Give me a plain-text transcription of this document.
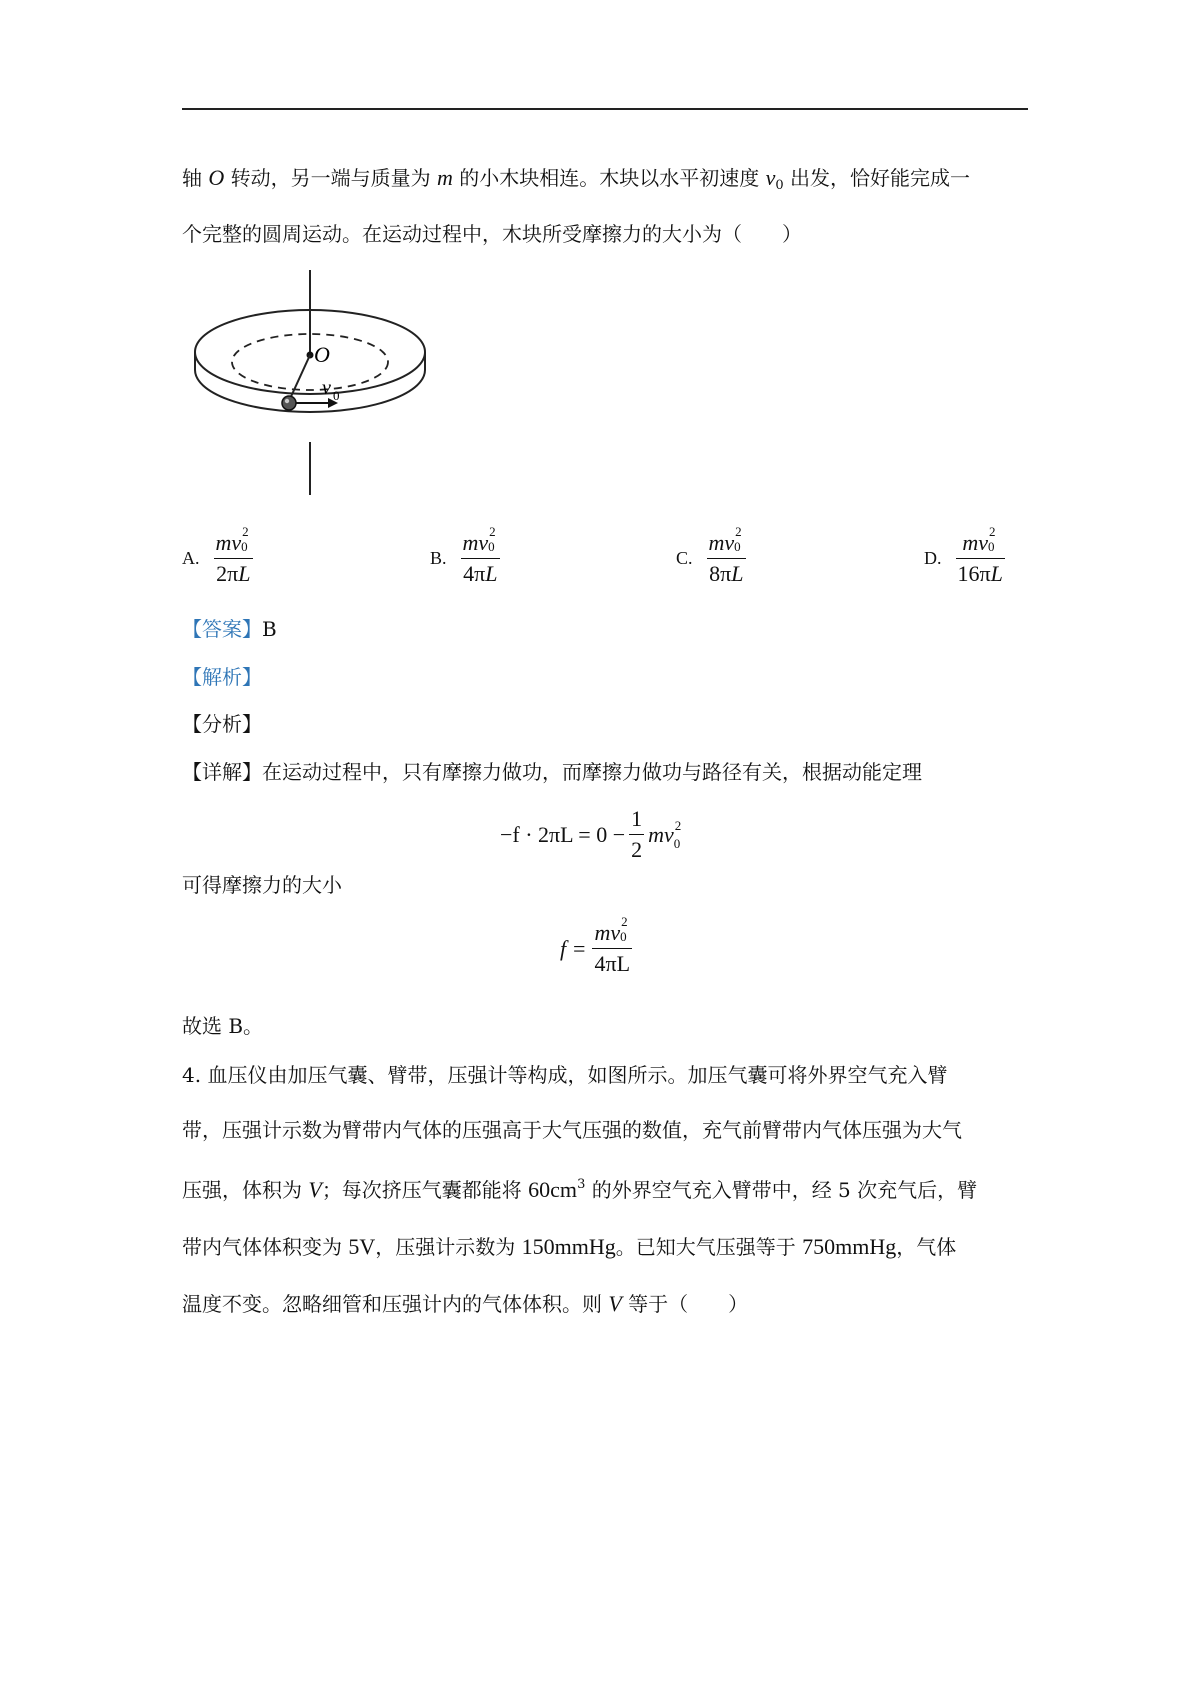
轴 O 转动，另一端与质量为 m 的小木块相连。木块以水平初速度 $v_0$ 出发，恰好能完成一
个完整的圆周运动。在运动过程中，木块所受摩擦力的大小为（　　）
O
v 0
A. mv 2
0
2πL	B. mv 2
0
4πL	C. mv 2
0
8πL	D. mv 2
0
16πL
【答案】B
【解析】
【分析】
【详解】在运动过程中，只有摩擦力做功，而摩擦力做功与路径有关，根据动能定理
$-f \cdot 2\pi L = 0 - \frac{1}{2}$ mv 2
0
可得摩擦力的大小
f = mv 2
0
4πL
故选 B。
4. 血压仪由加压气囊、臂带，压强计等构成，如图所示。加压气囊可将外界空气充入臂
带，压强计示数为臂带内气体的压强高于大气压强的数值，充气前臂带内气体压强为大气
压强，体积为 V；每次挤压气囊都能将 $60cm^3$ 的外界空气充入臂带中，经 5 次充气后，臂
带内气体体积变为 5V，压强计示数为 150mmHg。已知大气压强等于 750mmHg，气体
温度不变。忽略细管和压强计内的气体体积。则 V 等于（　　）
